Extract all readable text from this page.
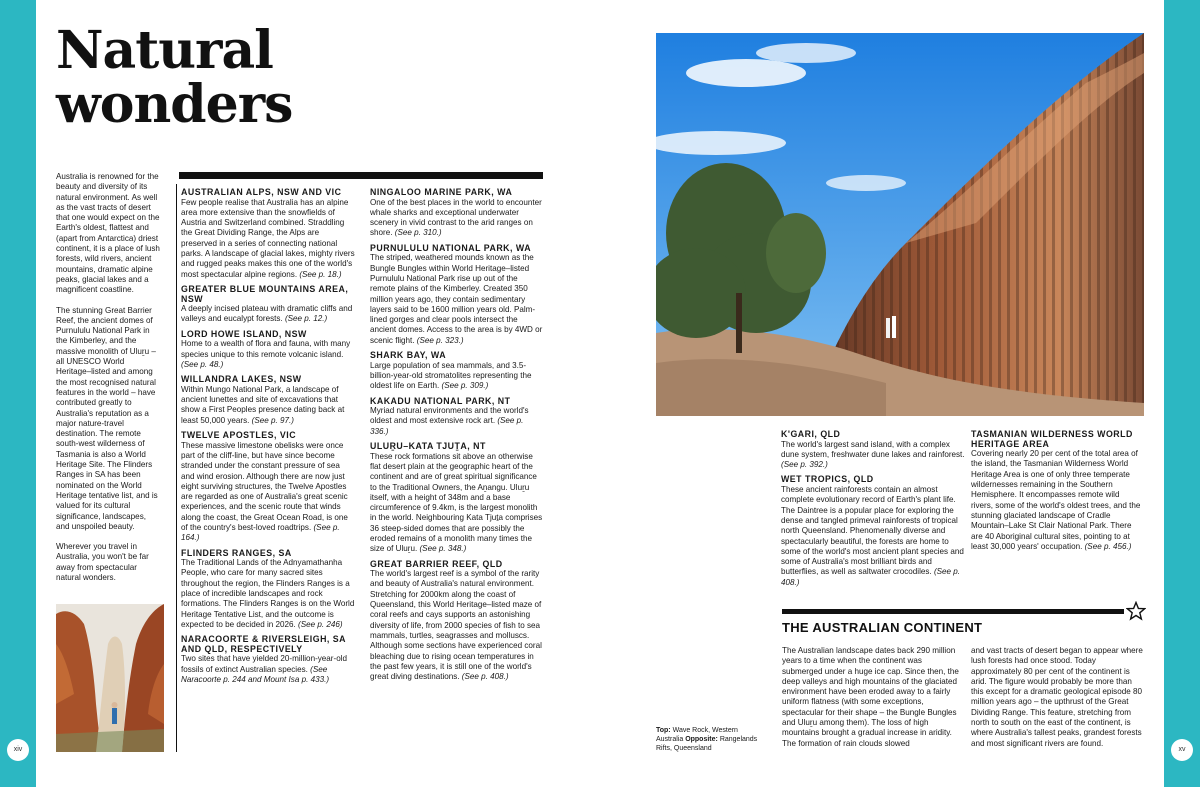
xiv	xv
Natural
wonders

Australia is renowned for the beauty and diversity of its natural environment. As well as the vast tracts of desert that one would expect on the Earth's oldest, flattest and (apart from Antarctica) driest continent, it is a place of lush forests, wild rivers, ancient mountains, dramatic alpine peaks, glacial lakes and a magnificent coastline.

The stunning Great Barrier Reef, the ancient domes of Purnululu National Park in the Kimberley, and the massive monolith of Uluṟu – all UNESCO World Heritage–listed and among the most recognised natural features in the world – have contributed greatly to Australia's reputation as a major nature-travel destination. The remote south-west wilderness of Tasmania is also a World Heritage Site. The Flinders Ranges in SA has been nominated on the World Heritage tentative list, and is valued for its cultural significance, landscapes, and unspoiled beauty.

Wherever you travel in Australia, you won't be far away from spectacular natural wonders.

AUSTRALIAN ALPS, NSW AND VIC

Few people realise that Australia has an alpine area more extensive than the snowfields of Austria and Switzerland combined. Straddling the Great Dividing Range, the Alps are preserved in a series of connecting national parks. A landscape of glacial lakes, mighty rivers and rugged peaks makes this one of the world's most spectacular alpine regions. (See p. 18.)

GREATER BLUE MOUNTAINS AREA, NSW

A deeply incised plateau with dramatic cliffs and valleys and eucalypt forests. (See p. 12.)

LORD HOWE ISLAND, NSW

Home to a wealth of flora and fauna, with many species unique to this remote volcanic island. (See p. 48.)

WILLANDRA LAKES, NSW

Within Mungo National Park, a landscape of ancient lunettes and site of excavations that show a First Peoples presence dating back at least 50,000 years. (See p. 97.)

TWELVE APOSTLES, VIC

These massive limestone obelisks were once part of the cliff-line, but have since become stranded under the constant pressure of sea and wind erosion. Although there are now just eight surviving structures, the Twelve Apostles are regarded as one of Australia's great scenic experiences, and the scenic route that winds along the coast, the Great Ocean Road, is one of the country's best-loved roadtrips. (See p. 164.)

FLINDERS RANGES, SA

The Traditional Lands of the Adnyamathanha People, who care for many sacred sites throughout the region, the Flinders Ranges is a place of incredible landscapes and rock formations. The Flinders Ranges is on the World Heritage Tentative List, and the outcome is expected to be decided in 2026. (See p. 246)

NARACOORTE & RIVERSLEIGH, SA AND QLD, RESPECTIVELY

Two sites that have yielded 20-million-year-old fossils of extinct Australian species. (See Naracoorte p. 244 and Mount Isa p. 433.)

NINGALOO MARINE PARK, WA

One of the best places in the world to encounter whale sharks and exceptional underwater scenery in vivid contrast to the arid ranges on shore. (See p. 310.)

PURNULULU NATIONAL PARK, WA

The striped, weathered mounds known as the Bungle Bungles within World Heritage–listed Purnululu National Park rise up out of the remote plains of the Kimberley. Created 350 million years ago, they contain sedimentary layers said to be 1600 million years old. Palm-lined gorges and clear pools intersect the ancient domes. Access to the area is by 4WD or scenic flight. (See p. 323.)

SHARK BAY, WA

Large population of sea mammals, and 3.5-billion-year-old stromatolites representing the oldest life on Earth. (See p. 309.)

KAKADU NATIONAL PARK, NT

Myriad natural environments and the world's oldest and most extensive rock art. (See p. 336.)

ULUṞU–KATA TJUṮA, NT

These rock formations sit above an otherwise flat desert plain at the geographic heart of the continent and are of great spiritual significance to the Traditional Owners, the Aṉangu. Uluṟu itself, with a height of 348m and a base circumference of 9.4km, is the largest monolith in the world. Neighbouring Kata Tjuṯa comprises 36 steep-sided domes that are possibly the eroded remains of a monolith many times the size of Uluṟu. (See p. 348.)

GREAT BARRIER REEF, QLD

The world's largest reef is a symbol of the rarity and beauty of Australia's natural environment. Stretching for 2000km along the coast of Queensland, this World Heritage–listed maze of coral reefs and cays supports an astonishing diversity of life, from 2000 species of fish to sea mammals, turtles, seagrasses and molluscs. Although some sections have experienced coral bleaching due to rising ocean temperatures in the past few years, it is still one of the world's great diving destinations. (See p. 408.)

K'GARI, QLD

The world's largest sand island, with a complex dune system, freshwater dune lakes and rainforest. (See p. 392.)

WET TROPICS, QLD

These ancient rainforests contain an almost complete evolutionary record of Earth's plant life. The Daintree is a popular place for exploring the dense and tangled primeval rainforests of tropical north Queensland. Phenomenally diverse and spectacularly beautiful, the forests are home to some of the world's most ancient plant species and some of Australia's most brilliant birds and butterflies, as well as saltwater crocodiles. (See p. 408.)

TASMANIAN WILDERNESS WORLD HERITAGE AREA

Covering nearly 20 per cent of the total area of the island, the Tasmanian Wilderness World Heritage Area is one of only three temperate wildernesses remaining in the Southern Hemisphere. It encompasses remote wild rivers, some of the world's oldest trees, and the stunning glaciated landscape of Cradle Mountain–Lake St Clair National Park. There are 40 Aboriginal cultural sites, pointing to at least 30,000 years' occupation. (See p. 456.)

THE AUSTRALIAN CONTINENT
The Australian landscape dates back 290 million years to a time when the continent was submerged under a huge ice cap. Since then, the deep valleys and high mountains of the glaciated environment have been eroded away to a fairly uniform flatness (with some exceptions, spectacular for their shape – the Bungle Bungles and Uluṟu among them). The loss of high mountains brought a gradual increase in aridity. The formation of rain clouds slowed
and vast tracts of desert began to appear where lush forests had once stood. Today approximately 80 per cent of the continent is arid. The figure would probably be more than this except for a dramatic geological episode 80 million years ago – the upthrust of the Great Dividing Range. This feature, stretching from north to south on the east of the continent, is where Australia's tallest peaks, grandest forests and most significant rivers are found.
Top: Wave Rock, Western Australia Opposite: Rangelands Rifts, Queensland
